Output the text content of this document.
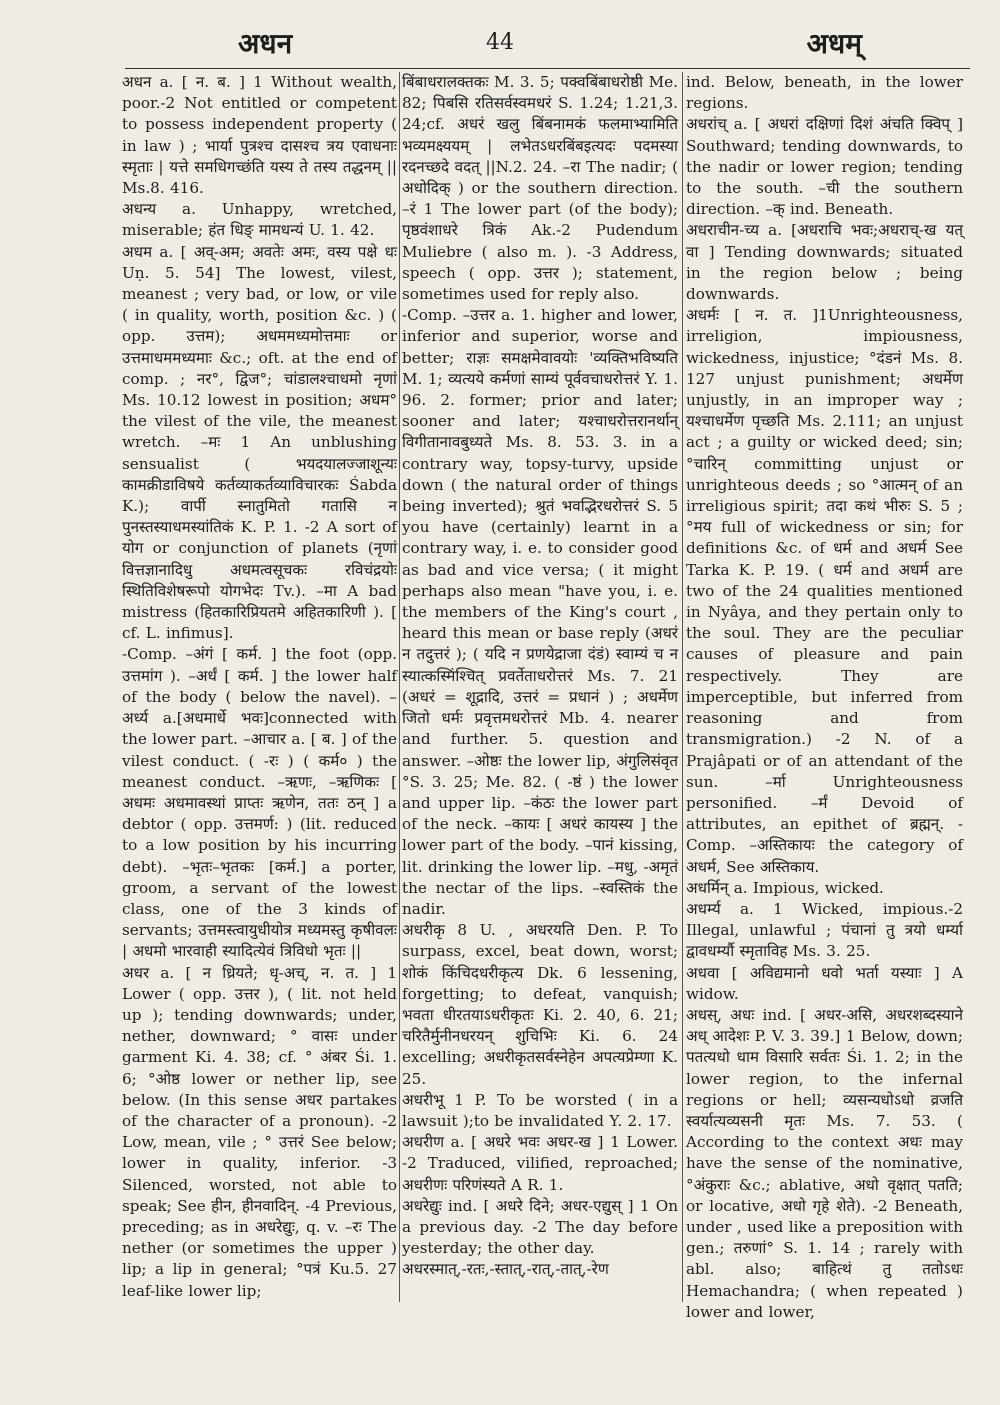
अधन	44	अधम्

अधन a. [ न. ब. ] 1 Without wealth, poor.-2 Not entitled or competent to possess independent property ( in law ) ; भार्या पुत्रश्च दासश्च त्रय एवाधनाः स्मृताः | यत्ते समधिगच्छंति यस्य ते तस्य तद्धनम् || Ms.8. 416.

अधन्य a. Unhappy, wretched, miserable; हंत धिङ् मामधन्यं U. 1. 42.

अधम a. [ अव्-अम; अवतेः अमः, वस्य पक्षे धः Uṇ. 5. 54] The lowest, vilest, meanest ; very bad, or low, or vile ( in quality, worth, position &c. ) ( opp. उत्तम); अधममध्यमोत्तमाः or उत्तमाधममध्यमाः &c.; oft. at the end of comp. ; नर°, द्विज°; चांडालश्चाधमो नृणां Ms. 10.12 lowest in position; अधम° the vilest of the vile, the meanest wretch. –मः 1 An unblushing sensualist ( भयदयालज्जाशून्यः कामक्रीडाविषये कर्तव्याकर्तव्याविचारकः Śabda K.); वार्पी स्नातुमितो गतासि न पुनस्तस्याधमस्यांतिकं K. P. 1. -2 A sort of योग or conjunction of planets (नृणां वित्तज्ञानादिधु अधमत्वसूचकः रविचंद्रयोः स्थितिविशेषरूपो योगभेदः Tv.). –मा A bad mistress (हितकारिप्रियतमे अहितकारिणी ). [ cf. L. infimus].

-Comp. –अंगं [ कर्म. ] the foot (opp. उत्तमांग ). –अर्धं [ कर्म. ] the lower half of the body ( below the navel). –अर्ध्य a.[अधमार्धे भवः]connected with the lower part. –आचार a. [ ब. ] of the vilest conduct. ( -रः ) ( कर्म० ) the meanest conduct. –ऋणः, –ऋणिकः [ अधमः अधमावस्थां प्राप्तः ऋणेन, ततः ठन् ] a debtor ( opp. उत्तमर्ण: ) (lit. reduced to a low position by his incurring debt). –भृतः–भृतकः [कर्म.] a porter, groom, a servant of the lowest class, one of the 3 kinds of servants; उत्तमस्त्वायुधीयोत्र मध्यमस्तु कृषीवलः | अधमो भारवाही स्यादित्येवं त्रिविधो भृतः ||

अधर a. [ न ध्रियते; धृ-अच्, न. त. ] 1 Lower ( opp. उत्तर ), ( lit. not held up ); tending downwards; under, nether, downward; ° वासः under garment Ki. 4. 38; cf. ° अंबर Śi. 1. 6; °ओष्ठ lower or nether lip, see below. (In this sense अधर partakes of the character of a pronoun). -2 Low, mean, vile ; ° उत्तरं See below; lower in quality, inferior. -3 Silenced, worsted, not able to speak; See हीन, हीनवादिन्. -4 Previous, preceding; as in अधरेद्युः, q. v. –रः The nether (or sometimes the upper ) lip; a lip in general; °पत्रं Ku.5. 27 leaf-like lower lip;

बिंबाधरालक्तकः M. 3. 5; पक्वबिंबाधरोष्ठी Me. 82; पिबसि रतिसर्वस्वमधरं S. 1.24; 1.21,3. 24;cf. अधरं खलु बिंबनामकं फलमाभ्यामिति भव्यमक्ष्ययम् | लभेतऽधरबिंबइत्यदः पदमस्या रदनच्छदे वदत् ||N.2. 24. –रा The nadir; ( अधोदिक् ) or the southern direction. –रं 1 The lower part (of the body); पृष्ठवंशाधरे त्रिकं Ak.-2 Pudendum Muliebre ( also m. ). -3 Address, speech ( opp. उत्तर ); statement, sometimes used for reply also.

-Comp. –उत्तर a. 1. higher and lower, inferior and superior, worse and better; राज्ञः समक्षमेवावयोः 'व्यक्तिभविष्यति M. 1; व्यत्यये कर्मणां साम्यं पूर्ववचाधरोत्तरं Y. 1. 96. 2. former; prior and later; sooner and later; यश्चाधरोत्तरानर्थान् विगीतानावबुध्यते Ms. 8. 53. 3. in a contrary way, topsy-turvy, upside down ( the natural order of things being inverted); श्रुतं भवद्भिरधरोत्तरं S. 5 you have (certainly) learnt in a contrary way, i. e. to consider good as bad and vice versa; ( it might perhaps also mean "have you, i. e. the members of the King's court , heard this mean or base reply (अधरं न तदुत्तरं ); ( यदि न प्रणयेद्राजा दंडं) स्वाम्यं च न स्यात्कस्मिंश्चित् प्रवर्तेताधरोत्तरं Ms. 7. 21 (अधरं = शूद्रादि, उत्तरं = प्रधानं ) ; अधर्मेण जितो धर्मः प्रवृत्तमधरोत्तरं Mb. 4. nearer and further. 5. question and answer. –ओष्ठः the lower lip, अंगुलिसंवृत °S. 3. 25; Me. 82. ( -ष्ठं ) the lower and upper lip. –कंठः the lower part of the neck. –कायः [ अधरं कायस्य ] the lower part of the body. –पानं kissing, lit. drinking the lower lip. –मधु, -अमृतं the nectar of the lips. –स्वस्तिकं the nadir.

अधरीकृ 8 U. , अधरयति Den. P. To surpass, excel, beat down, worst; शोकं किंचिदधरीकृत्य Dk. 6 lessening, forgetting; to defeat, vanquish; भवता धीरतयाऽधरीकृतः Ki. 2. 40, 6. 21; चरितैर्मुनीनधरयन् शुचिभिः Ki. 6. 24 excelling; अधरीकृतसर्वस्नेहेन अपत्यप्रेम्णा K. 25.

अधरीभू 1 P. To be worsted ( in a lawsuit );to be invalidated Y. 2. 17.

अधरीण a. [ अधरे भवः अधर-ख ] 1 Lower. -2 Traduced, vilified, reproached; अधरीणः परिणंस्यते A R. 1.

अधरेद्युः ind. [ अधरे दिने; अधर-एद्युस् ] 1 On a previous day. -2 The day before yesterday; the other day.

अधरस्मात्,-रतः,-स्तात्,-रात्,-तात्,-रेण

ind. Below, beneath, in the lower regions.

अधरांच् a. [ अधरां दक्षिणां दिशं अंचति क्विप् ] Southward; tending downwards, to the nadir or lower region; tending to the south. –ची the southern direction. –क् ind. Beneath.

अधराचीन-च्य a. [अधराचि भवः;अधराच्-ख यत् वा ] Tending downwards; situated in the region below ; being downwards.

अधर्मः [ न. त. ]1Unrighteousness, irreligion, impiousness, wickedness, injustice; °दंडनं Ms. 8. 127 unjust punishment; अधर्मेण unjustly, in an improper way ; यश्चाधर्मेण पृच्छति Ms. 2.111; an unjust act ; a guilty or wicked deed; sin; °चारिन् committing unjust or unrighteous deeds ; so °आत्मन् of an irreligious spirit; तदा कथं भीरुः S. 5 ; °मय full of wickedness or sin; for definitions &c. of धर्म and अधर्म See Tarka K. P. 19. ( धर्म and अधर्म are two of the 24 qualities mentioned in Nyâya, and they pertain only to the soul. They are the peculiar causes of pleasure and pain respectively. They are imperceptible, but inferred from reasoning and from transmigration.) -2 N. of a Prajâpati or of an attendant of the sun. –र्मा Unrighteousness personified. –र्मं Devoid of attributes, an epithet of ब्रह्मन्. -Comp. –अस्तिकायः the category of अधर्म, See अस्तिकाय.

अधर्मिन् a. Impious, wicked.

अधर्म्य a. 1 Wicked, impious.-2 Illegal, unlawful ; पंचानां तु त्रयो धर्म्या द्वावधर्म्यौ स्मृताविह Ms. 3. 25.

अधवा [ अविद्यमानो धवो भर्ता यस्याः ] A widow.

अधस्, अधः ind. [ अधर-असि, अधरशब्दस्याने अध् आदेशः P. V. 3. 39.] 1 Below, down; पतत्यधो धाम विसारि सर्वतः Śi. 1. 2; in the lower region, to the infernal regions or hell; व्यसन्यधोऽधो व्रजति स्वर्यात्यव्यसनी मृतः Ms. 7. 53. ( According to the context अधः may have the sense of the nominative, °अंकुराः &c.; ablative, अधो वृक्षात् पतति; or locative, अधो गृहे शेते). -2 Beneath, under , used like a preposition with gen.; तरुणां° S. 1. 14 ; rarely with abl. also; बाहित्थं तु ततोऽधः Hemachandra; ( when repeated ) lower and lower,
